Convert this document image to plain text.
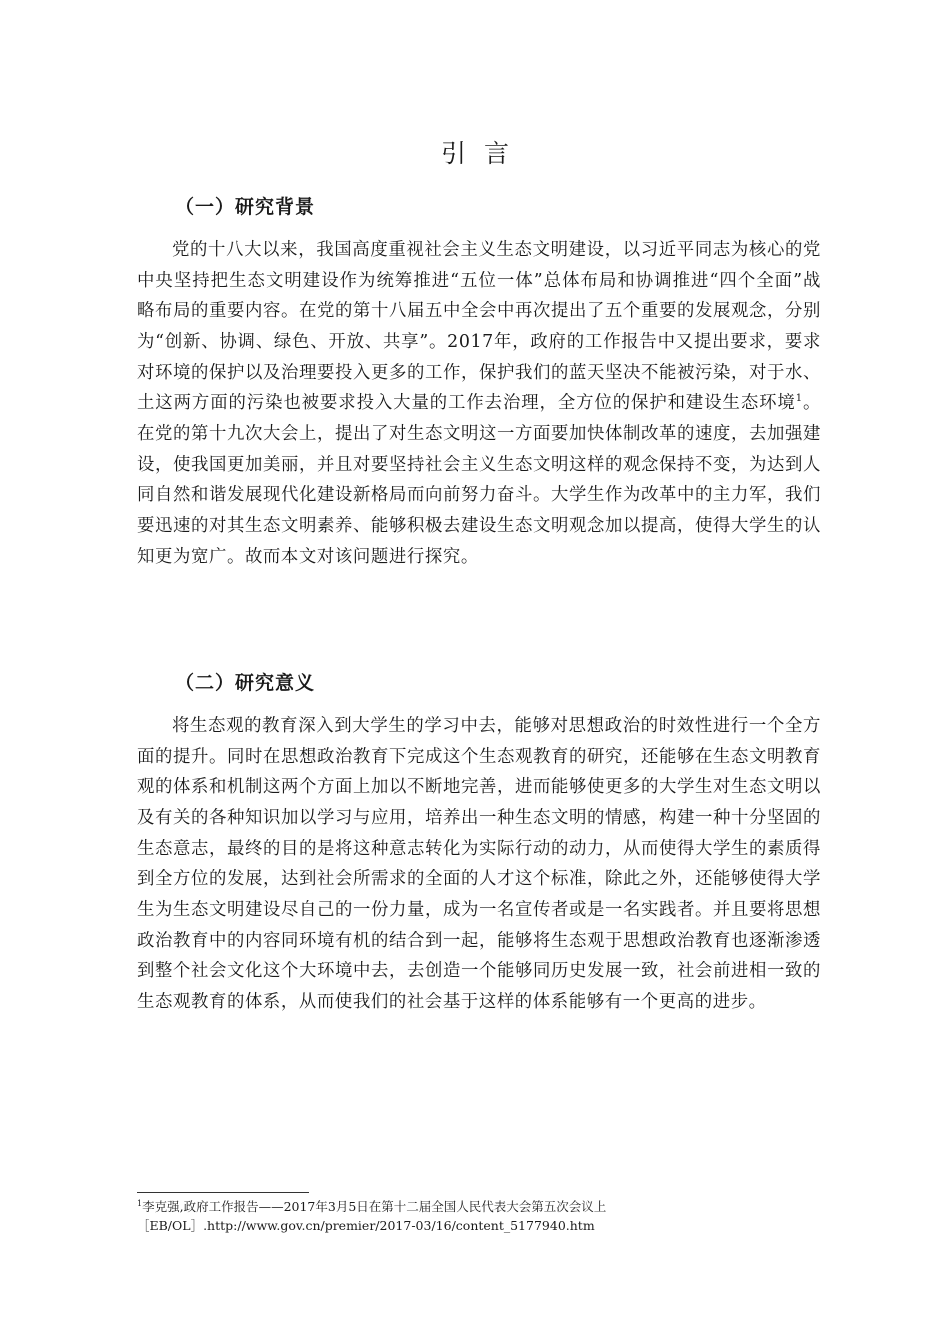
引言
（一）研究背景

党的十八大以来，我国高度重视社会主义生态文明建设，以习近平同志为核心的党中央坚持把生态文明建设作为统筹推进“五位一体”总体布局和协调推进“四个全面”战略布局的重要内容。在党的第十八届五中全会中再次提出了五个重要的发展观念，分别为“创新、协调、绿色、开放、共享”。2017年，政府的工作报告中又提出要求，要求对环境的保护以及治理要投入更多的工作，保护我们的蓝天坚决不能被污染，对于水、土这两方面的污染也被要求投入大量的工作去治理，全方位的保护和建设生态环境$^1$。在党的第十九次大会上，提出了对生态文明这一方面要加快体制改革的速度，去加强建设，使我国更加美丽，并且对要坚持社会主义生态文明这样的观念保持不变，为达到人同自然和谐发展现代化建设新格局而向前努力奋斗。大学生作为改革中的主力军，我们要迅速的对其生态文明素养、能够积极去建设生态文明观念加以提高，使得大学生的认知更为宽广。故而本文对该问题进行探究。

（二）研究意义

将生态观的教育深入到大学生的学习中去，能够对思想政治的时效性进行一个全方面的提升。同时在思想政治教育下完成这个生态观教育的研究，还能够在生态文明教育观的体系和机制这两个方面上加以不断地完善，进而能够使更多的大学生对生态文明以及有关的各种知识加以学习与应用，培养出一种生态文明的情感，构建一种十分坚固的生态意志，最终的目的是将这种意志转化为实际行动的动力，从而使得大学生的素质得到全方位的发展，达到社会所需求的全面的人才这个标准，除此之外，还能够使得大学生为生态文明建设尽自己的一份力量，成为一名宣传者或是一名实践者。并且要将思想政治教育中的内容同环境有机的结合到一起，能够将生态观于思想政治教育也逐渐渗透到整个社会文化这个大环境中去，去创造一个能够同历史发展一致，社会前进相一致的生态观教育的体系，从而使我们的社会基于这样的体系能够有一个更高的进步。

$^1$李克强,政府工作报告——2017年3月5日在第十二届全国人民代表大会第五次会议上
［EB/OL］.http://www.gov.cn/premier/2017-03/16/content_5177940.htm
